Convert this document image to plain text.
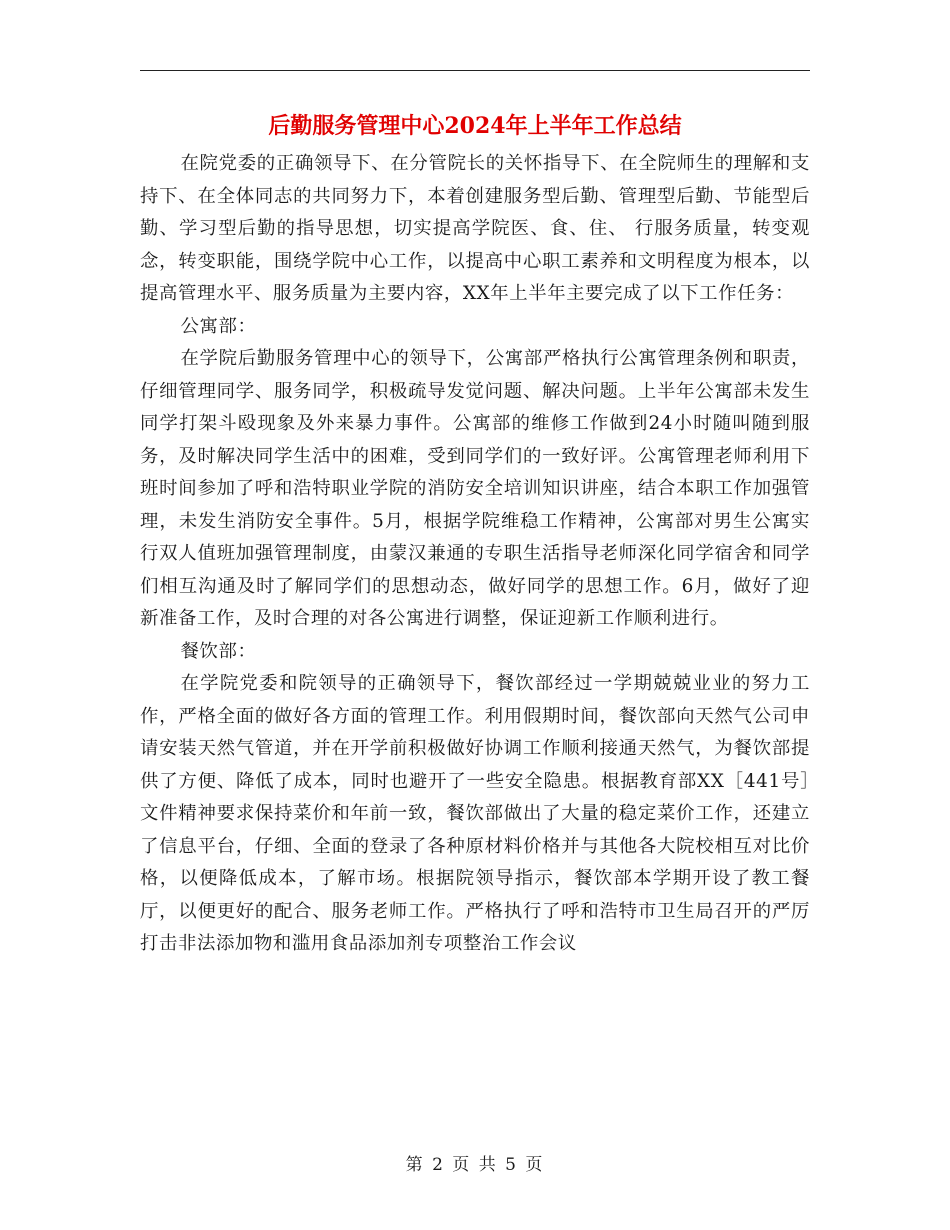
后勤服务管理中心2024年上半年工作总结

在院党委的正确领导下、在分管院长的关怀指导下、在全院师生的理解和支持下、在全体同志的共同努力下，本着创建服务型后勤、管理型后勤、节能型后勤、学习型后勤的指导思想，切实提高学院医、食、住、 行服务质量，转变观念，转变职能，围绕学院中心工作，以提高中心职工素养和文明程度为根本，以提高管理水平、服务质量为主要内容，XX年上半年主要完成了以下工作任务：

公寓部：

在学院后勤服务管理中心的领导下，公寓部严格执行公寓管理条例和职责，仔细管理同学、服务同学，积极疏导发觉问题、解决问题。上半年公寓部未发生同学打架斗殴现象及外来暴力事件。公寓部的维修工作做到24小时随叫随到服务，及时解决同学生活中的困难，受到同学们的一致好评。公寓管理老师利用下班时间参加了呼和浩特职业学院的消防安全培训知识讲座，结合本职工作加强管理，未发生消防安全事件。5月，根据学院维稳工作精神，公寓部对男生公寓实行双人值班加强管理制度，由蒙汉兼通的专职生活指导老师深化同学宿舍和同学们相互沟通及时了解同学们的思想动态，做好同学的思想工作。6月，做好了迎新准备工作，及时合理的对各公寓进行调整，保证迎新工作顺利进行。

餐饮部：

在学院党委和院领导的正确领导下，餐饮部经过一学期兢兢业业的努力工作，严格全面的做好各方面的管理工作。利用假期时间，餐饮部向天然气公司申请安装天然气管道，并在开学前积极做好协调工作顺利接通天然气，为餐饮部提供了方便、降低了成本，同时也避开了一些安全隐患。根据教育部XX［441号］文件精神要求保持菜价和年前一致，餐饮部做出了大量的稳定菜价工作，还建立了信息平台，仔细、全面的登录了各种原材料价格并与其他各大院校相互对比价格，以便降低成本，了解市场。根据院领导指示，餐饮部本学期开设了教工餐厅，以便更好的配合、服务老师工作。严格执行了呼和浩特市卫生局召开的严厉打击非法添加物和滥用食品添加剂专项整治工作会议

第 2 页 共 5 页
